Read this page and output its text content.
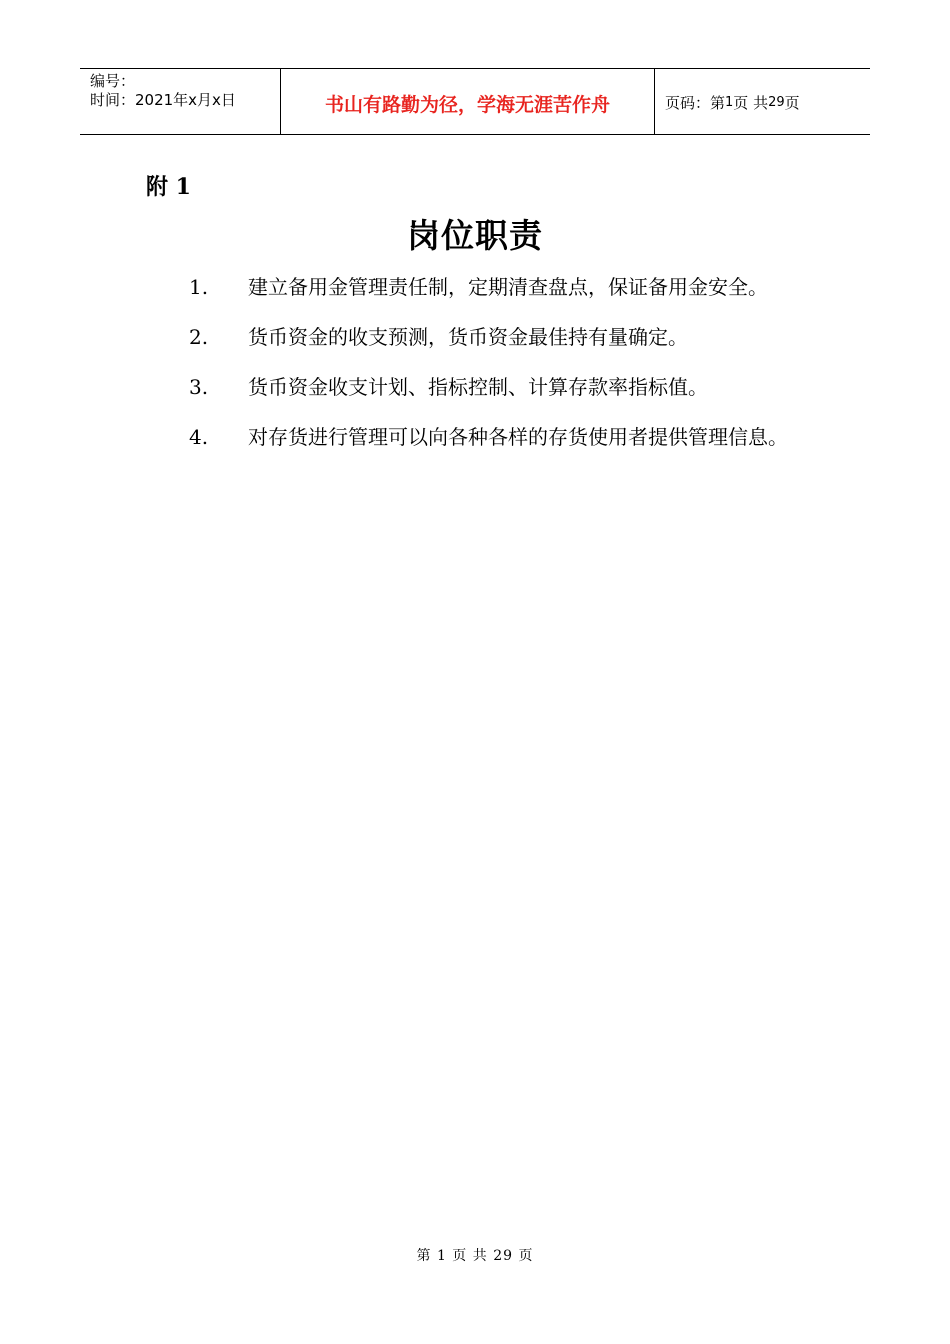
编号：
时间：2021年x月x日	书山有路勤为径，学海无涯苦作舟	页码：第 1 页 共 29 页
附 1
岗位职责
1. 建立备用金管理责任制，定期清查盘点，保证备用金安全。
2. 货币资金的收支预测，货币资金最佳持有量确定。
3. 货币资金收支计划、指标控制、计算存款率指标值。
4. 对存货进行管理可以向各种各样的存货使用者提供管理信息。
第 1 页 共 29 页
